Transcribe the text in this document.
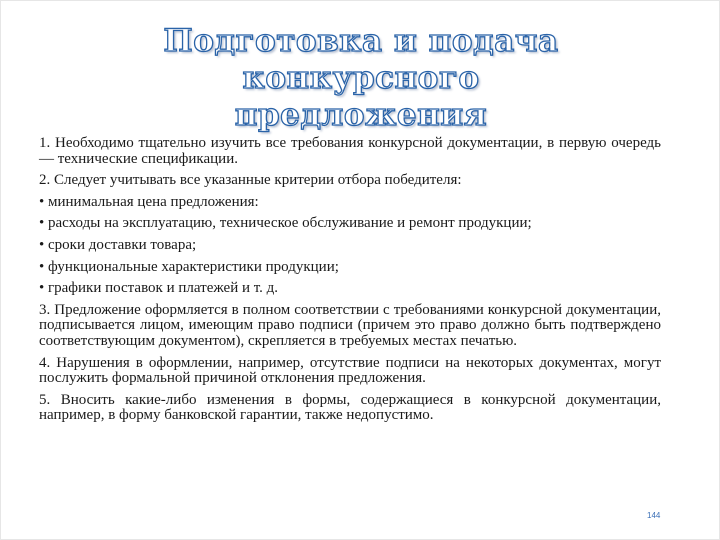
Подготовка и подача конкурсного
предложения

1. Необходимо тщательно изучить все требования конкурсной документации, в первую очередь — технические спецификации.

2. Следует учитывать все указанные критерии отбора победителя:

• минимальная цена предложения:

• расходы на эксплуатацию, техническое обслуживание и ремонт продукции;

• сроки доставки товара;

• функциональные характеристики продукции;

• графики поставок и платежей и т. д.

3. Предложение оформляется в полном соответствии с требованиями конкурсной документации, подписывается лицом, имеющим право подписи (причем это право должно быть подтверждено соответствующим документом), скрепляется в требуемых местах печатью.

4. Нарушения в оформлении, например, отсутствие подписи на некоторых документах, могут послужить формальной причиной отклонения предложения.

5. Вносить какие-либо изменения в формы, содержащиеся в конкурсной документации, например, в форму банковской гарантии, также недопустимо.

144
